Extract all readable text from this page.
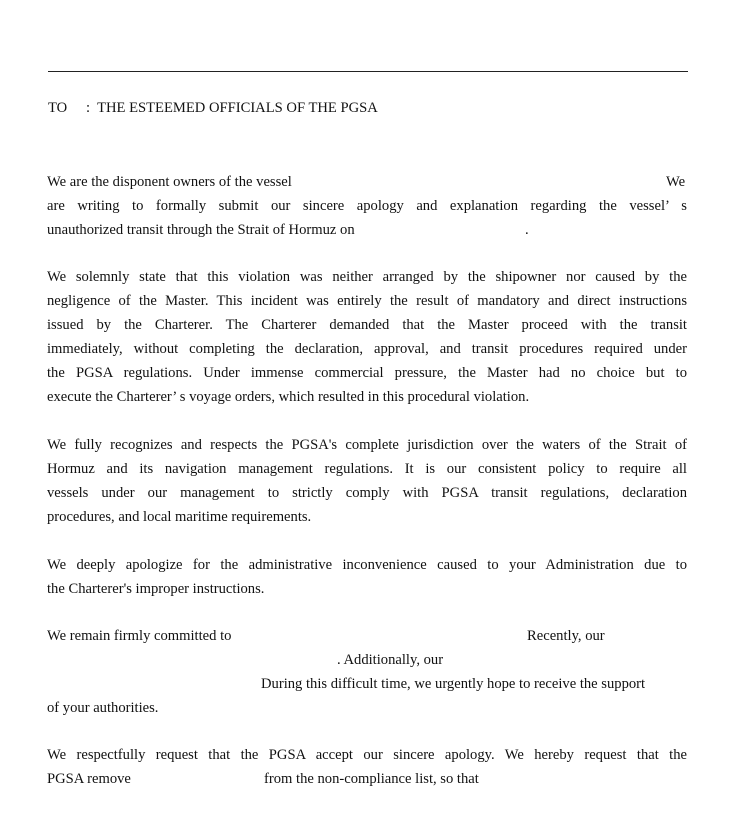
TO :  THE ESTEEMED OFFICIALS OF THE PGSA
We are the disponent owners of the vessel	We
are writing to formally submit our sincere apology and explanation regarding the vessel’ s
unauthorized transit through the Strait of Hormuz on	.
We solemnly state that this violation was neither arranged by the shipowner nor caused by the
negligence of the Master. This incident was entirely the result of mandatory and direct instructions
issued by the Charterer. The Charterer demanded that the Master proceed with the transit
immediately, without completing the declaration, approval, and transit procedures required under
the PGSA regulations. Under immense commercial pressure, the Master had no choice but to
execute the Charterer’ s voyage orders, which resulted in this procedural violation.
We fully recognizes and respects the PGSA's complete jurisdiction over the waters of the Strait of
Hormuz and its navigation management regulations. It is our consistent policy to require all
vessels under our management to strictly comply with PGSA transit regulations, declaration
procedures, and local maritime requirements.
We deeply apologize for the administrative inconvenience caused to your Administration due to
the Charterer's improper instructions.
We remain firmly committed to	Recently, our
. Additionally, our
During this difficult time, we urgently hope to receive the support
of your authorities.
We respectfully request that the PGSA accept our sincere apology. We hereby request that the
PGSA remove	from the non-compliance list, so that
